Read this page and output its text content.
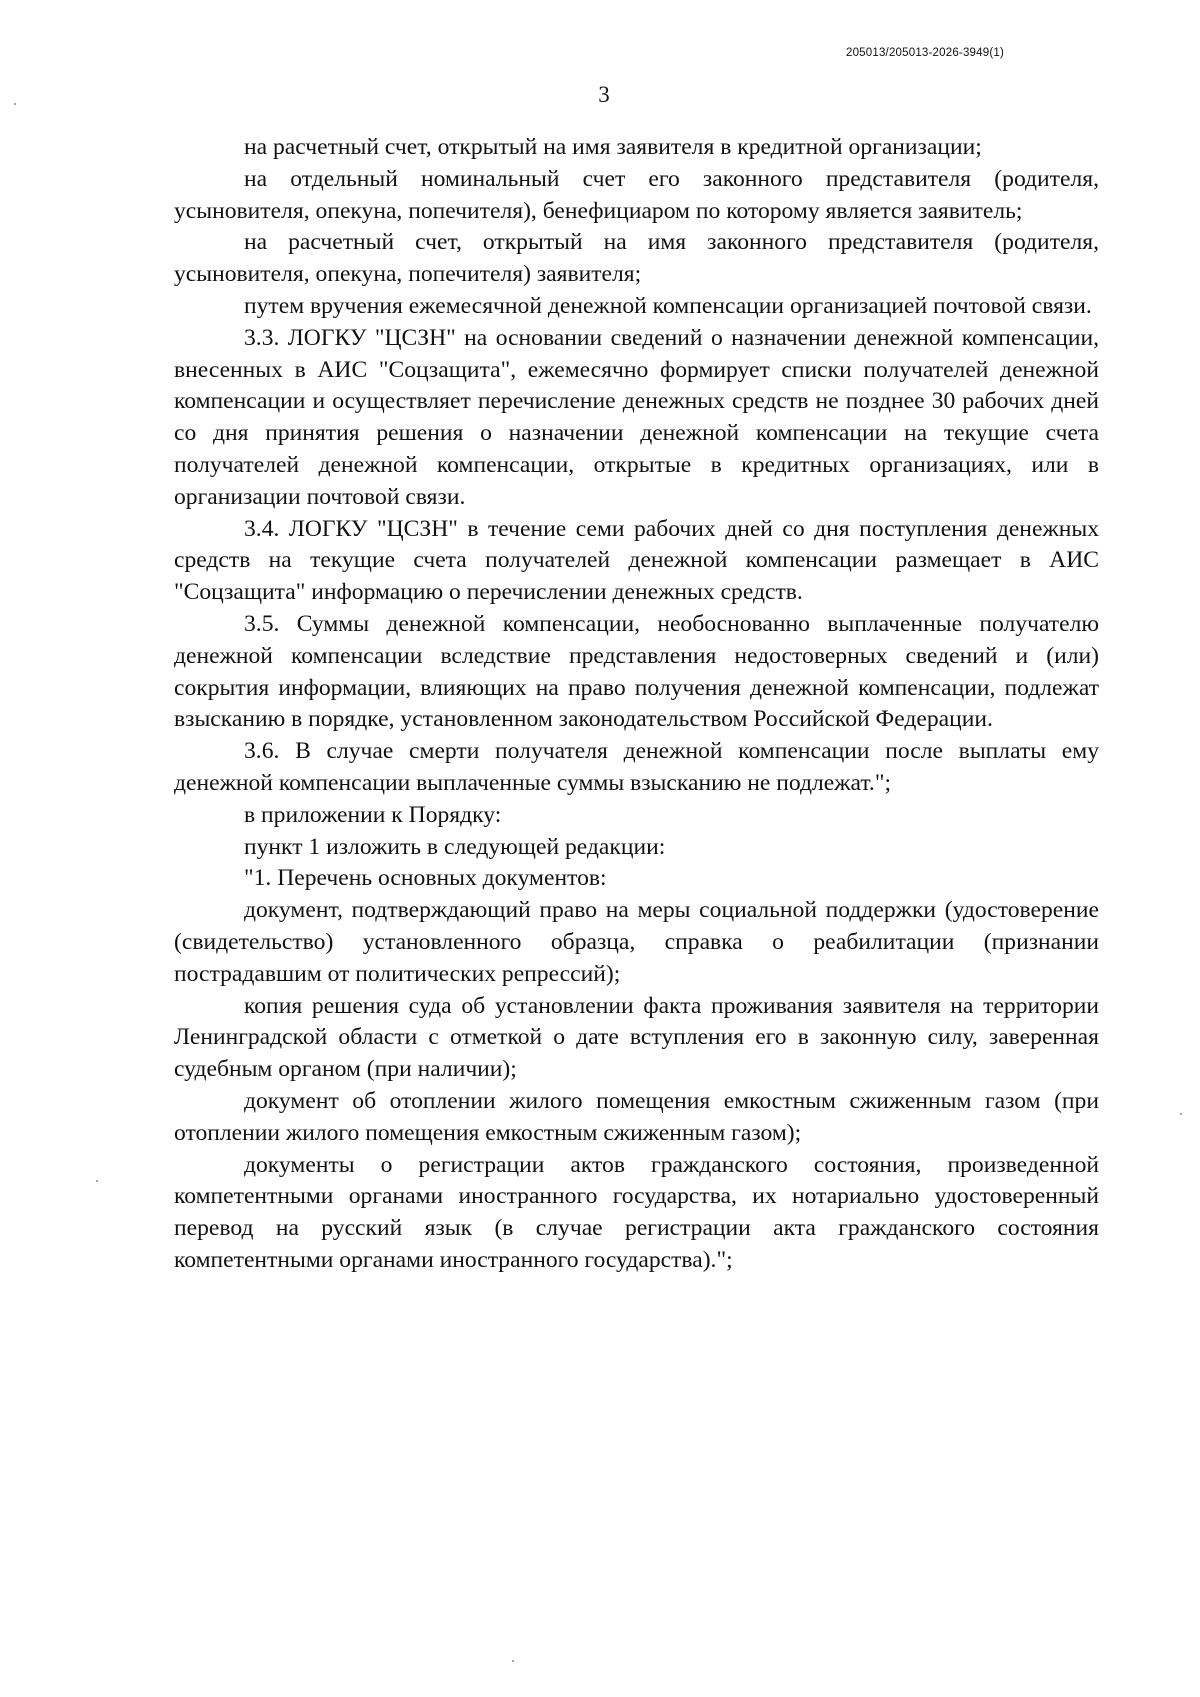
205013/205013-2026-3949(1)
3

на расчетный счет, открытый на имя заявителя в кредитной организации;

на отдельный номинальный счет его законного представителя (родителя, усыновителя, опекуна, попечителя), бенефициаром по которому является заявитель;

на расчетный счет, открытый на имя законного представителя (родителя, усыновителя, опекуна, попечителя) заявителя;

путем вручения ежемесячной денежной компенсации организацией почтовой связи.

3.3. ЛОГКУ "ЦСЗН" на основании сведений о назначении денежной компенсации, внесенных в АИС "Соцзащита", ежемесячно формирует списки получателей денежной компенсации и осуществляет перечисление денежных средств не позднее 30 рабочих дней со дня принятия решения о назначении денежной компенсации на текущие счета получателей денежной компенсации, открытые в кредитных организациях, или в организации почтовой связи.

3.4. ЛОГКУ "ЦСЗН" в течение семи рабочих дней со дня поступления денежных средств на текущие счета получателей денежной компенсации размещает в АИС "Соцзащита" информацию о перечислении денежных средств.

3.5. Суммы денежной компенсации, необоснованно выплаченные получателю денежной компенсации вследствие представления недостоверных сведений и (или) сокрытия информации, влияющих на право получения денежной компенсации, подлежат взысканию в порядке, установленном законодательством Российской Федерации.

3.6. В случае смерти получателя денежной компенсации после выплаты ему денежной компенсации выплаченные суммы взысканию не подлежат.";

в приложении к Порядку:

пункт 1 изложить в следующей редакции:

"1. Перечень основных документов:

документ, подтверждающий право на меры социальной поддержки (удостоверение (свидетельство) установленного образца, справка о реабилитации (признании пострадавшим от политических репрессий);

копия решения суда об установлении факта проживания заявителя на территории Ленинградской области с отметкой о дате вступления его в законную силу, заверенная судебным органом (при наличии);

документ об отоплении жилого помещения емкостным сжиженным газом (при отоплении жилого помещения емкостным сжиженным газом);

документы о регистрации актов гражданского состояния, произведенной компетентными органами иностранного государства, их нотариально удостоверенный перевод на русский язык (в случае регистрации акта гражданского состояния компетентными органами иностранного государства).";
